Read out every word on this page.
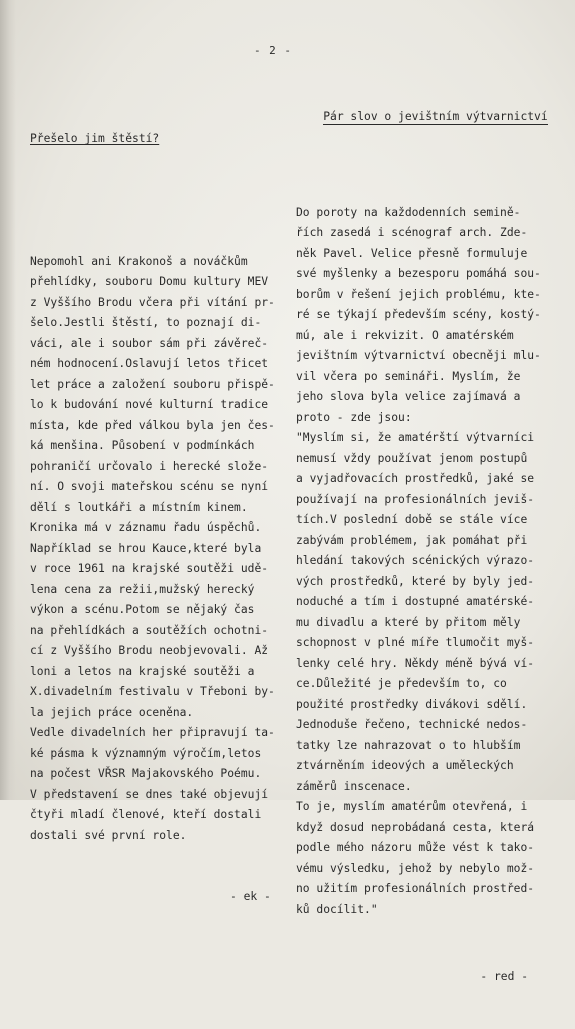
- 2 -

Přešelo jim štěstí?

Nepomohl ani Krakonoš a nováčkům
přehlídky, souboru Domu kultury MEV
z Vyššího Brodu včera při vítání pr-
šelo.Jestli štěstí, to poznají di-
váci, ale i soubor sám při závěreč-
ném hodnocení.Oslavují letos třicet
let práce a založení souboru přispě-
lo k budování nové kulturní tradice
místa, kde před válkou byla jen čes-
ká menšina. Působení v podmínkách
pohraničí určovalo i herecké slože-
ní. O svoji mateřskou scénu se nyní
dělí s loutkáři a místním kinem.
Kronika má v záznamu řadu úspěchů.
Například se hrou Kauce,které byla
v roce 1961 na krajské soutěži udě-
lena cena za režii,mužský herecký
výkon a scénu.Potom se nějaký čas
na přehlídkách a soutěžích ochotni-
cí z Vyššího Brodu neobjevovali. Až
loni a letos na krajské soutěži a
X.divadelním festivalu v Třeboni by-
la jejich práce oceněna.
Vedle divadelních her připravují ta-
ké pásma k významným výročím,letos
na počest VŘSR Majakovského Poému.
V představení se dnes také objevují
čtyři mladí členové, kteří dostali
dostali své první role.

- ek -

Pár slov o jevištním výtvarnictví

Do poroty na každodenních semině-
řích zasedá i scénograf arch. Zde-
něk Pavel. Velice přesně formuluje
své myšlenky a bezesporu pomáhá sou-
borům v řešení jejich problému, kte-
ré se týkají především scény, kostý-
mú, ale i rekvizit. O amatérském
jevištním výtvarnictví obecněji mlu-
vil včera po semináři. Myslím, že
jeho slova byla velice zajímavá a
proto - zde jsou:
"Myslím si, že amatérští výtvarníci
nemusí vždy používat jenom postupů
a vyjadřovacích prostředků, jaké se
používají na profesionálních jeviš-
tích.V poslední době se stále více
zabývám problémem, jak pomáhat při
hledání takových scénických výrazo-
vých prostředků, které by byly jed-
noduché a tím i dostupné amatérské-
mu divadlu a které by přitom měly
schopnost v plné míře tlumočit myš-
lenky celé hry. Někdy méně bývá ví-
ce.Důležité je především to, co
použité prostředky divákovi sdělí.
Jednoduše řečeno, technické nedos-
tatky lze nahrazovat o to hlubším
ztvárněním ideových a uměleckých
záměrů inscenace.
To je, myslím amatérům otevřená, i
když dosud neprobádaná cesta, která
podle mého názoru může vést k tako-
vému výsledku, jehož by nebylo mož-
no užitím profesionálních prostřed-
ků docílit."

- red -
